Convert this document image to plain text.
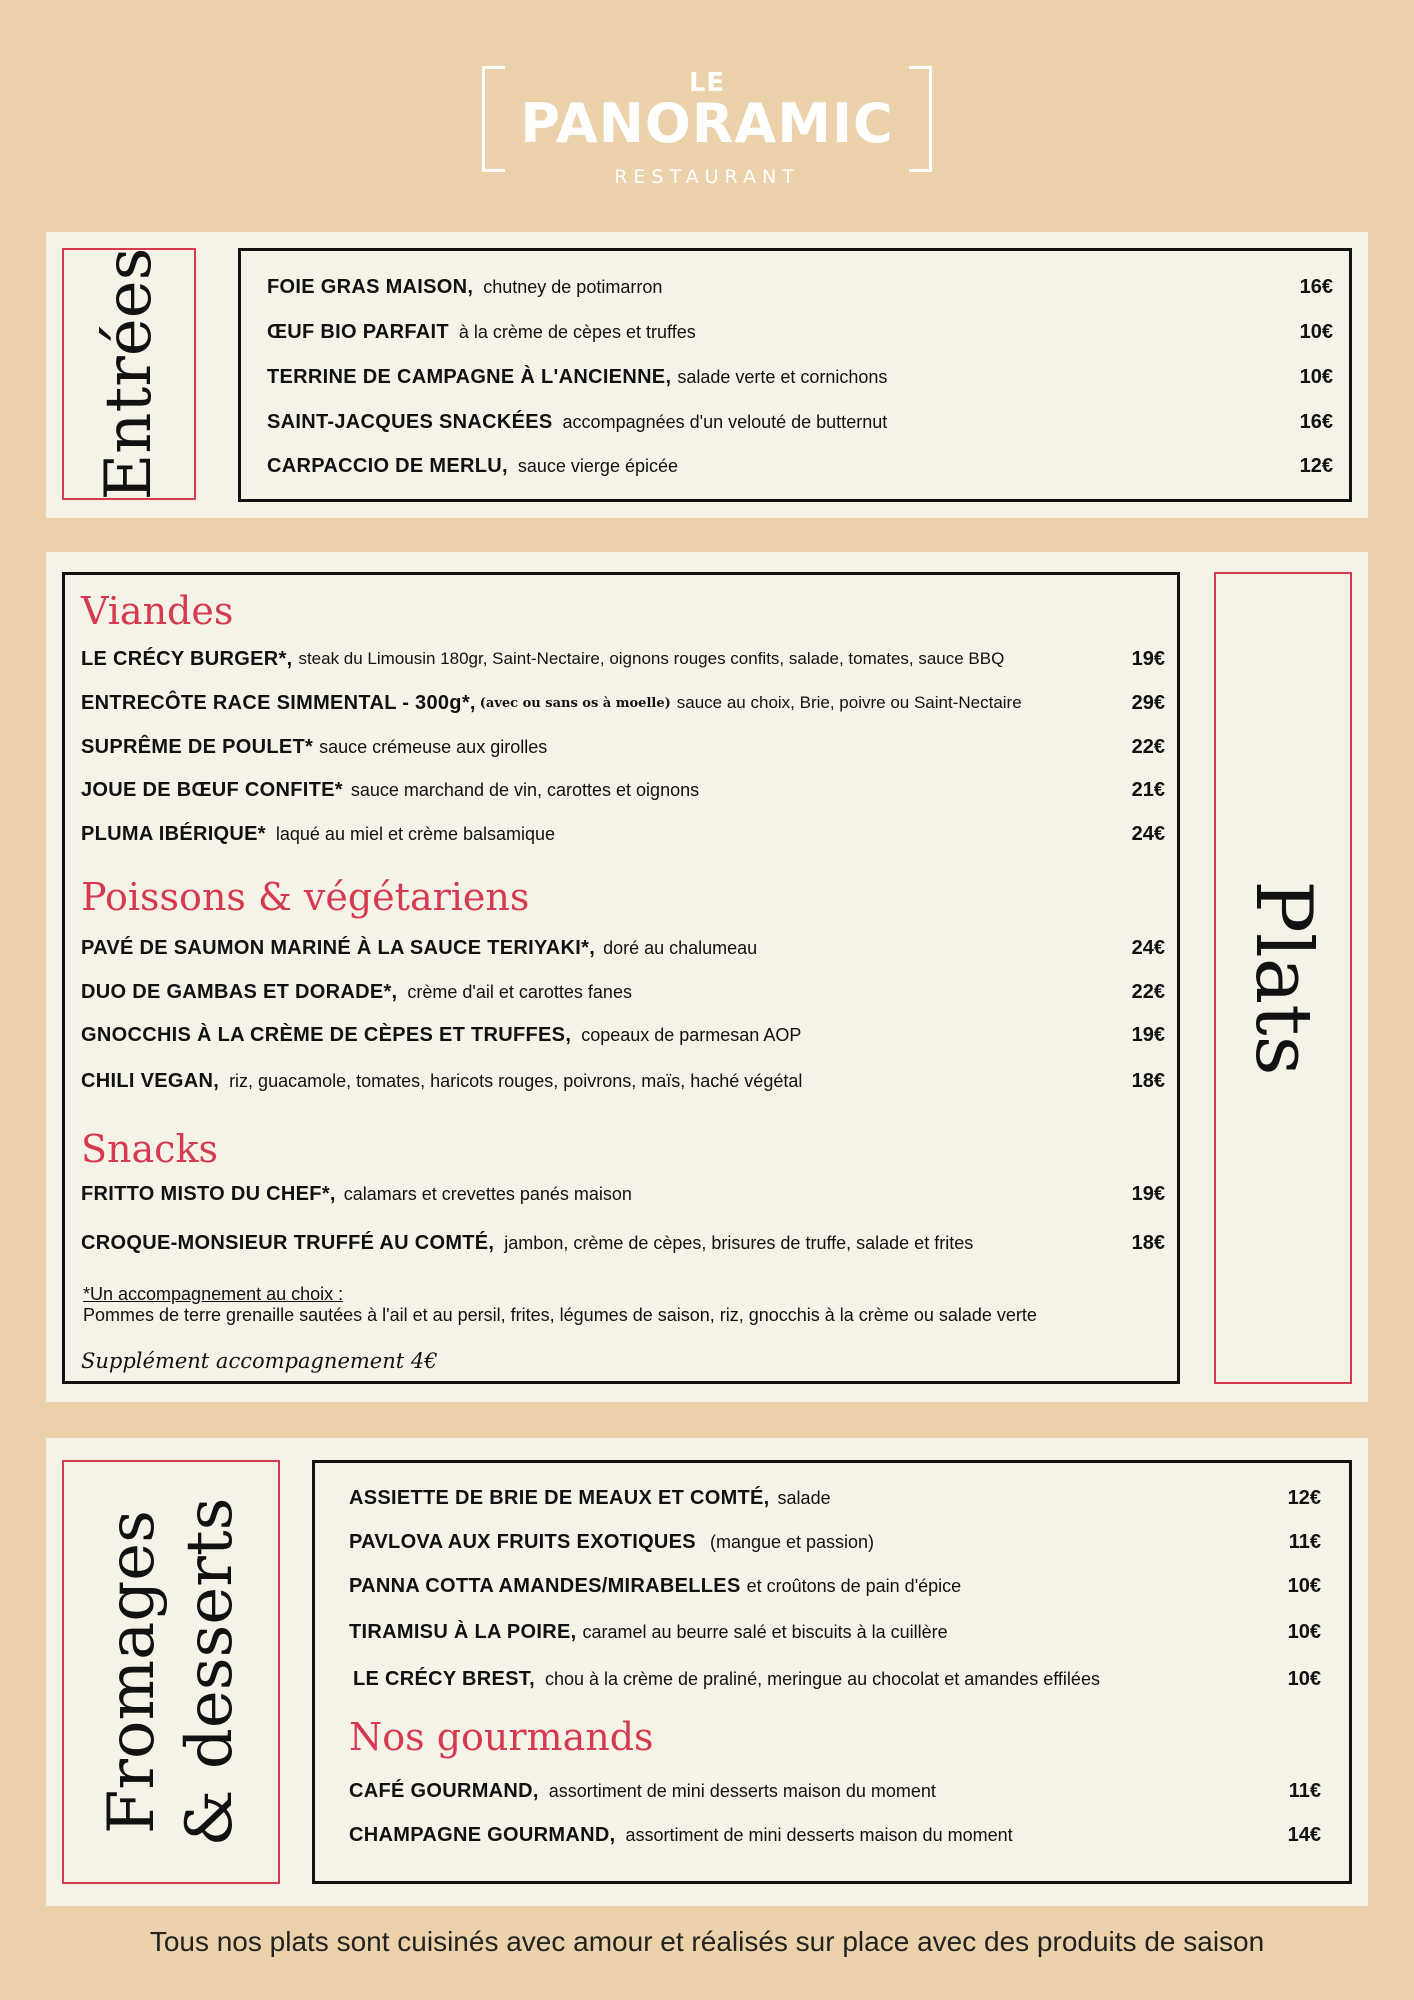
LE
PANORAMIC
RESTAURANT
Entrées	FOIE GRAS MAISON, chutney de potimarron	16€
ŒUF BIO PARFAIT à la crème de cèpes et truffes	10€
TERRINE DE CAMPAGNE À L'ANCIENNE, salade verte et cornichons	10€
SAINT-JACQUES SNACKÉES accompagnées d'un velouté de butternut	16€
CARPACCIO DE MERLU, sauce vierge épicée	12€
Viandes
LE CRÉCY BURGER*, steak du Limousin 180gr, Saint-Nectaire, oignons rouges confits, salade, tomates, sauce BBQ	19€
ENTRECÔTE RACE SIMMENTAL - 300g*, (avec ou sans os à moelle) sauce au choix, Brie, poivre ou Saint-Nectaire	29€
SUPRÊME DE POULET* sauce crémeuse aux girolles	22€
JOUE DE BŒUF CONFITE* sauce marchand de vin, carottes et oignons	21€
PLUMA IBÉRIQUE* laqué au miel et crème balsamique	24€
Poissons & végétariens
PAVÉ DE SAUMON MARINÉ À LA SAUCE TERIYAKI*, doré au chalumeau	24€
DUO DE GAMBAS ET DORADE*, crème d'ail et carottes fanes	22€
GNOCCHIS À LA CRÈME DE CÈPES ET TRUFFES, copeaux de parmesan AOP	19€
CHILI VEGAN, riz, guacamole, tomates, haricots rouges, poivrons, maïs, haché végétal	18€
Snacks
FRITTO MISTO DU CHEF*, calamars et crevettes panés maison	19€
CROQUE-MONSIEUR TRUFFÉ AU COMTÉ, jambon, crème de cèpes, brisures de truffe, salade et frites	18€
*Un accompagnement au choix :
Pommes de terre grenaille sautées à l'ail et au persil, frites, légumes de saison, riz, gnocchis à la crème ou salade verte
Supplément accompagnement 4€
Plats
Fromages & desserts
ASSIETTE DE BRIE DE MEAUX ET COMTÉ, salade	12€
PAVLOVA AUX FRUITS EXOTIQUES (mangue et passion)	11€
PANNA COTTA AMANDES/MIRABELLES et croûtons de pain d'épice	10€
TIRAMISU À LA POIRE, caramel au beurre salé et biscuits à la cuillère	10€
LE CRÉCY BREST, chou à la crème de praliné, meringue au chocolat et amandes effilées	10€
Nos gourmands
CAFÉ GOURMAND, assortiment de mini desserts maison du moment	11€
CHAMPAGNE GOURMAND, assortiment de mini desserts maison du moment	14€
Tous nos plats sont cuisinés avec amour et réalisés sur place avec des produits de saison
